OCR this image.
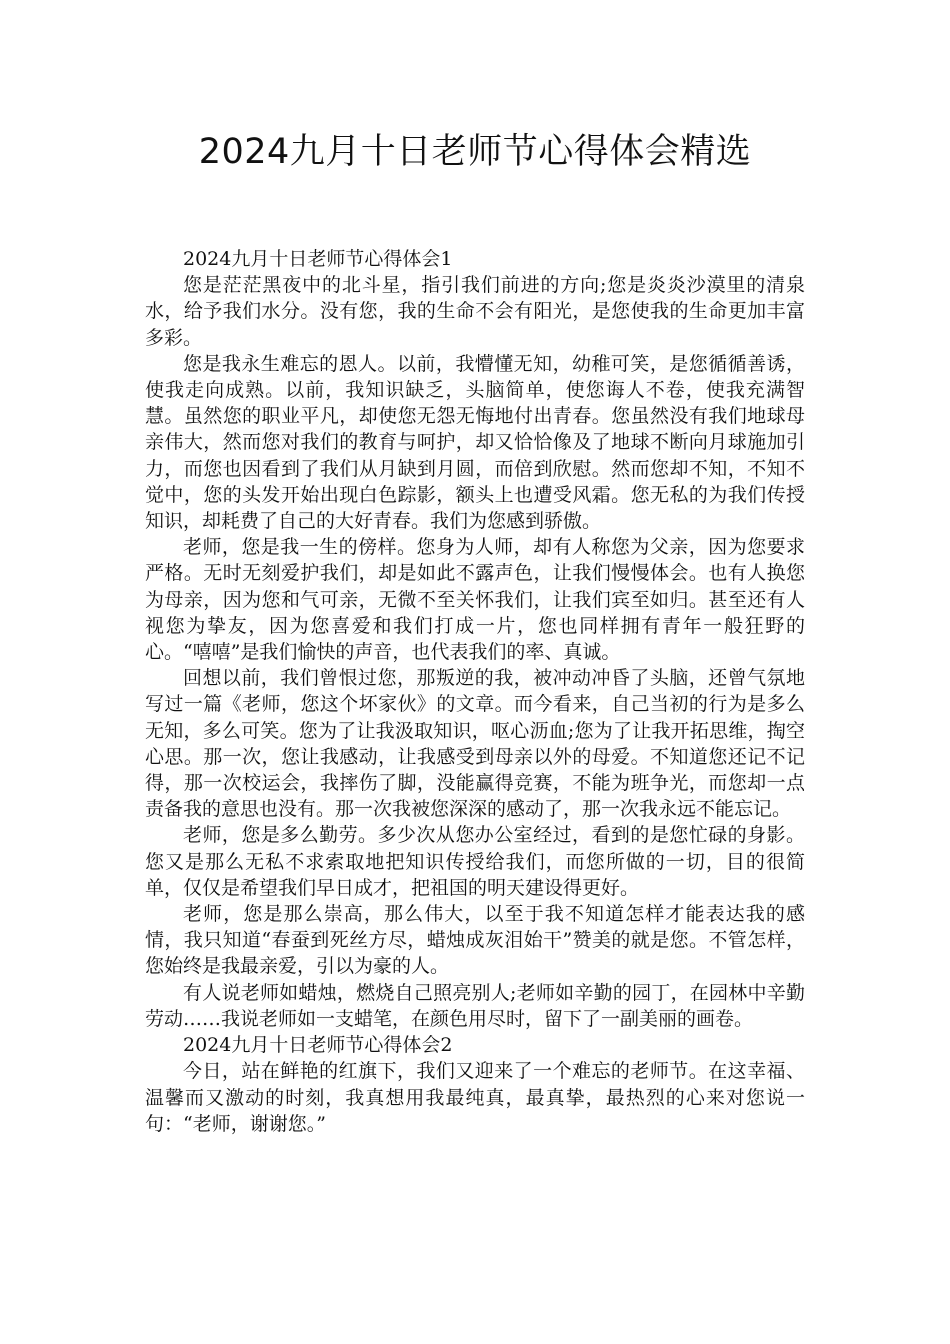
2024九月十日老师节心得体会精选
2024九月十日老师节心得体会1

您是茫茫黑夜中的北斗星，指引我们前进的方向;您是炎炎沙漠里的清泉水，给予我们水分。没有您，我的生命不会有阳光，是您使我的生命更加丰富多彩。

您是我永生难忘的恩人。以前，我懵懂无知，幼稚可笑，是您循循善诱，使我走向成熟。以前，我知识缺乏，头脑简单，使您诲人不卷，使我充满智慧。虽然您的职业平凡，却使您无怨无悔地付出青春。您虽然没有我们地球母亲伟大，然而您对我们的教育与呵护，却又恰恰像及了地球不断向月球施加引力，而您也因看到了我们从月缺到月圆，而倍到欣慰。然而您却不知，不知不觉中，您的头发开始出现白色踪影，额头上也遭受风霜。您无私的为我们传授知识，却耗费了自己的大好青春。我们为您感到骄傲。

老师，您是我一生的傍样。您身为人师，却有人称您为父亲，因为您要求严格。无时无刻爱护我们，却是如此不露声色，让我们慢慢体会。也有人换您为母亲，因为您和气可亲，无微不至关怀我们，让我们宾至如归。甚至还有人视您为挚友，因为您喜爱和我们打成一片，您也同样拥有青年一般狂野的心。“嘻嘻”是我们愉快的声音，也代表我们的率、真诚。

回想以前，我们曾恨过您，那叛逆的我，被冲动冲昏了头脑，还曾气氛地写过一篇《老师，您这个坏家伙》的文章。而今看来，自己当初的行为是多么无知，多么可笑。您为了让我汲取知识，呕心沥血;您为了让我开拓思维，掏空心思。那一次，您让我感动，让我感受到母亲以外的母爱。不知道您还记不记得，那一次校运会，我摔伤了脚，没能赢得竞赛，不能为班争光，而您却一点责备我的意思也没有。那一次我被您深深的感动了，那一次我永远不能忘记。

老师，您是多么勤劳。多少次从您办公室经过，看到的是您忙碌的身影。您又是那么无私不求索取地把知识传授给我们，而您所做的一切，目的很简单，仅仅是希望我们早日成才，把祖国的明天建设得更好。

老师，您是那么崇高，那么伟大，以至于我不知道怎样才能表达我的感情，我只知道“春蚕到死丝方尽，蜡烛成灰泪始干”赞美的就是您。不管怎样，您始终是我最亲爱，引以为豪的人。

有人说老师如蜡烛，燃烧自己照亮别人;老师如辛勤的园丁，在园林中辛勤劳动……我说老师如一支蜡笔，在颜色用尽时，留下了一副美丽的画卷。

2024九月十日老师节心得体会2

今日，站在鲜艳的红旗下，我们又迎来了一个难忘的老师节。在这幸福、温馨而又激动的时刻，我真想用我最纯真，最真挚，最热烈的心来对您说一句：“老师，谢谢您。”
